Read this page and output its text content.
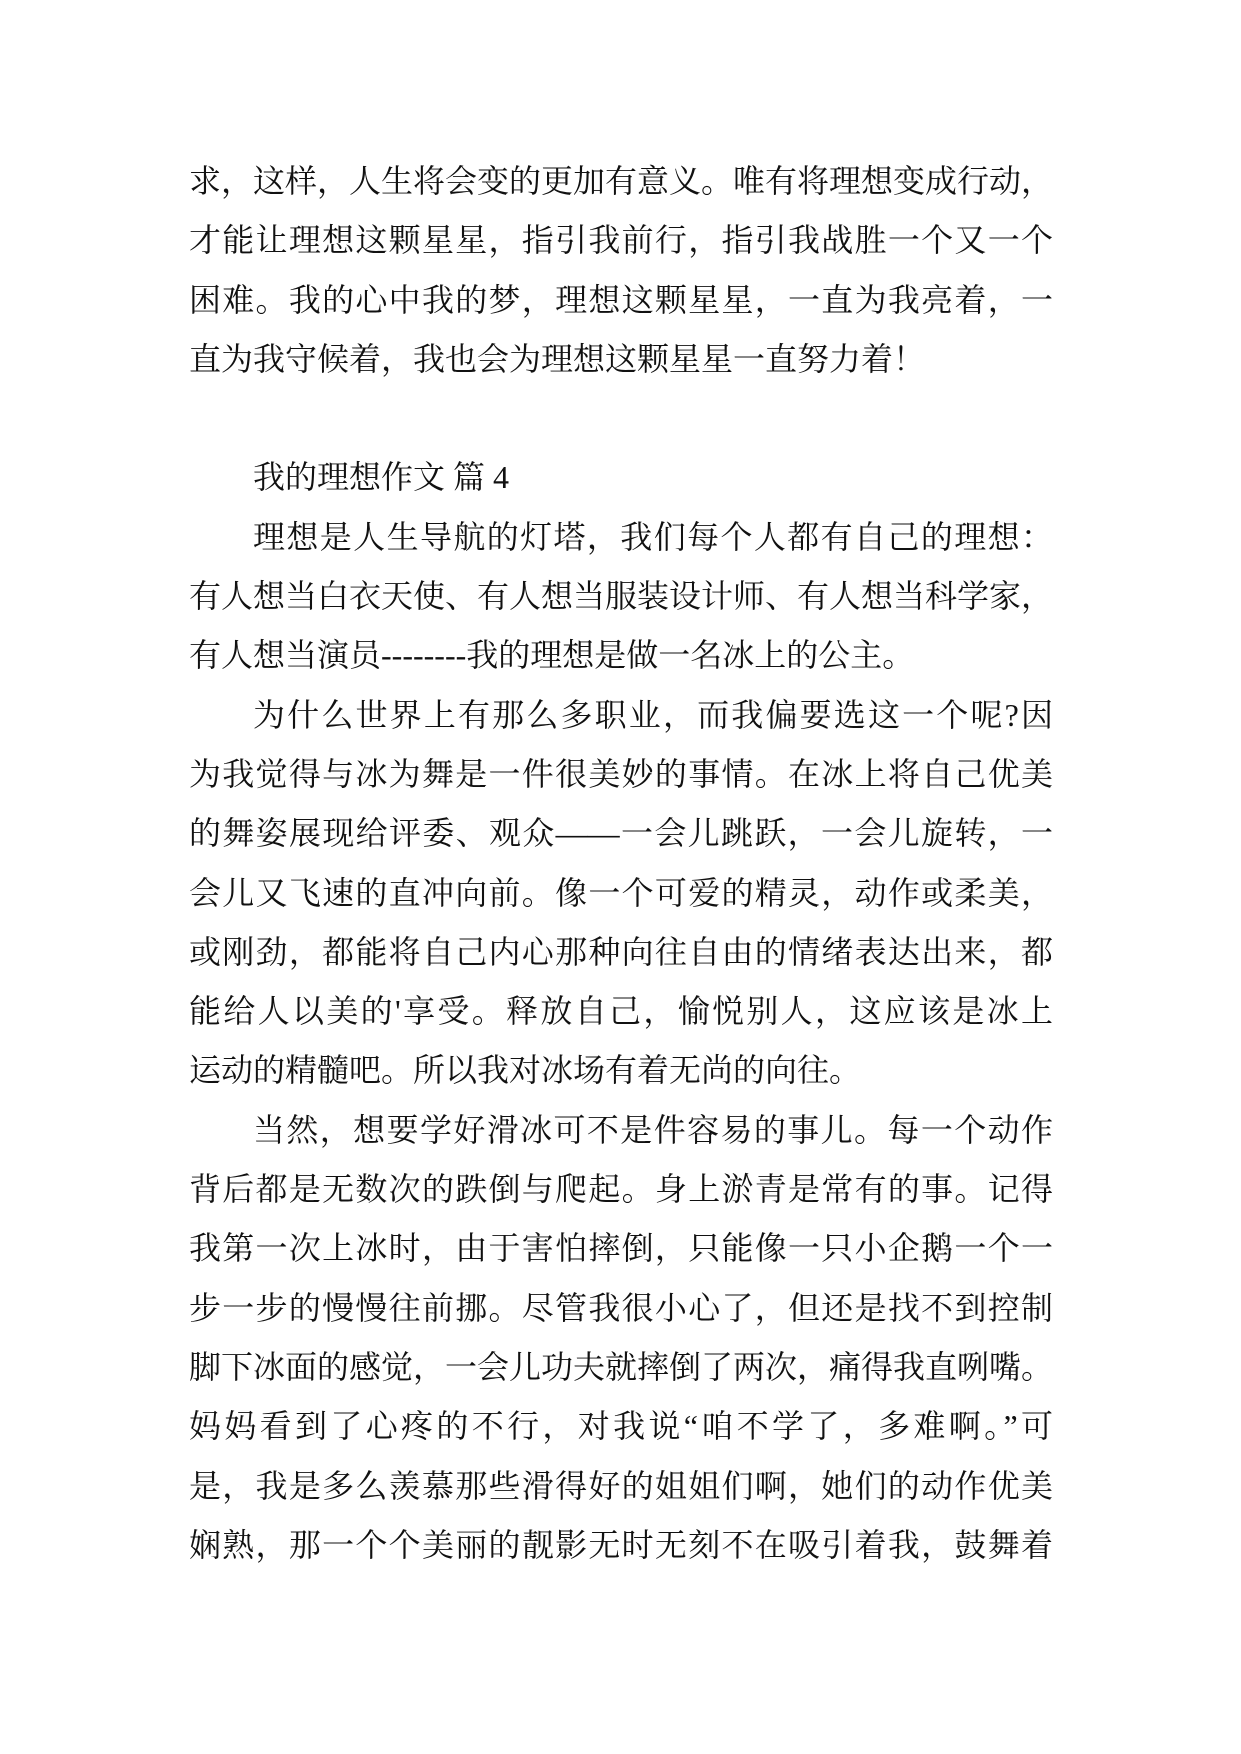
求，这样，人生将会变的更加有意义。唯有将理想变成行动，
才能让理想这颗星星，指引我前行，指引我战胜一个又一个
困难。我的心中我的梦，理想这颗星星，一直为我亮着，一
直为我守候着，我也会为理想这颗星星一直努力着！
我的理想作文 篇 4
理想是人生导航的灯塔，我们每个人都有自己的理想：
有人想当白衣天使、有人想当服装设计师、有人想当科学家，
有人想当演员--------我的理想是做一名冰上的公主。
为什么世界上有那么多职业，而我偏要选这一个呢?因
为我觉得与冰为舞是一件很美妙的事情。在冰上将自己优美
的舞姿展现给评委、观众——一会儿跳跃，一会儿旋转，一
会儿又飞速的直冲向前。像一个可爱的精灵，动作或柔美，
或刚劲，都能将自己内心那种向往自由的情绪表达出来，都
能给人以美的'享受。释放自己，愉悦别人，这应该是冰上
运动的精髓吧。所以我对冰场有着无尚的向往。
当然，想要学好滑冰可不是件容易的事儿。每一个动作
背后都是无数次的跌倒与爬起。身上淤青是常有的事。记得
我第一次上冰时，由于害怕摔倒，只能像一只小企鹅一个一
步一步的慢慢往前挪。尽管我很小心了，但还是找不到控制
脚下冰面的感觉，一会儿功夫就摔倒了两次，痛得我直咧嘴。
妈妈看到了心疼的不行，对我说“咱不学了，多难啊。”可
是，我是多么羡慕那些滑得好的姐姐们啊，她们的动作优美
娴熟，那一个个美丽的靓影无时无刻不在吸引着我，鼓舞着
